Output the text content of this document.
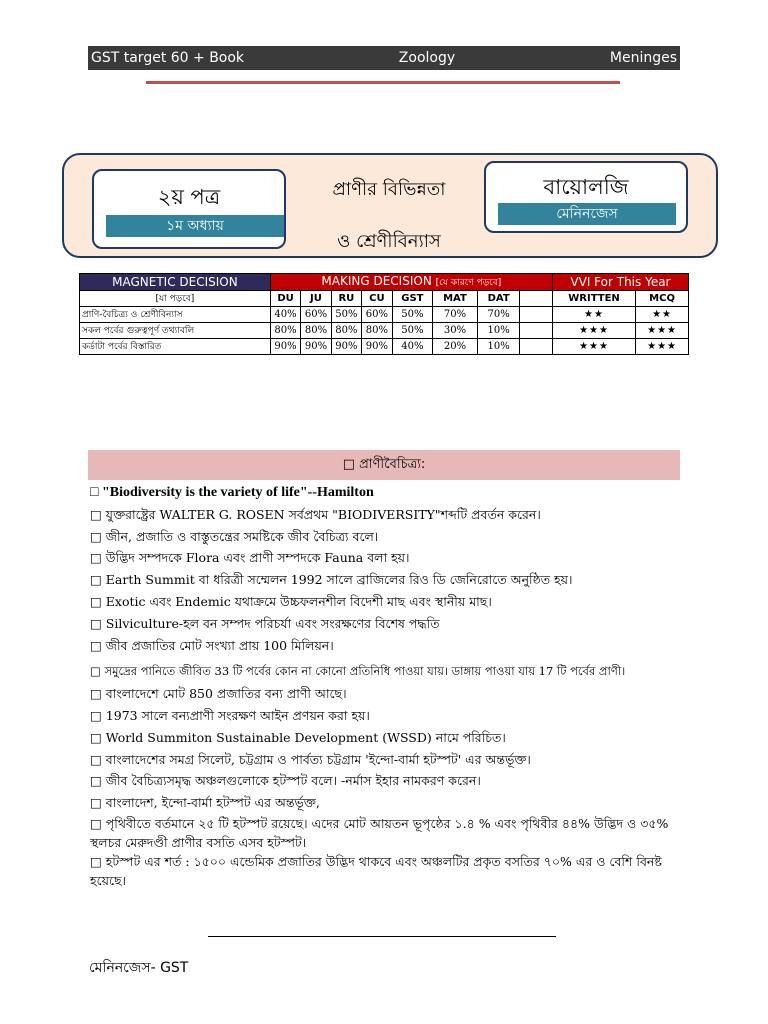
GST target 60 + Book	Zoology	Meninges
২য় পত্র
১ম অধ্যায়
প্রাণীর বিভিন্নতা
ও শ্রেণীবিন্যাস
বায়োলজি
মেনিনজেস
MAGNETIC DECISION	MAKING DECISION [যে কারণে পড়বে]								VVI For This Year	
[যা পড়বে]	DU	JU	RU	CU	GST	MAT	DAT		WRITTEN	MCQ
প্রাণি-বৈচিত্র্য ও শ্রেণীবিন্যাস	40%	60%	50%	60%	50%	70%	70%		★★	★★
সকল পর্বের গুরুত্বপূর্ণ তথ্যাবলি	80%	80%	80%	80%	50%	30%	10%		★★★	★★★
কর্ডাটা পর্বের বিস্তারিত	90%	90%	90%	90%	40%	20%	10%		★★★	★★★
□ প্রাণীবৈচিত্র্য:
□ "Biodiversity is the variety of life"--Hamilton
□ যুক্তরাষ্ট্রের WALTER G. ROSEN সর্বপ্রথম "BIODIVERSITY"শব্দটি প্রবর্তন করেন।
□ জীন, প্রজাতি ও বাস্তুতন্ত্রের সমষ্টিকে জীব বৈচিত্র্য বলে।
□ উদ্ভিদ সম্পদকে Flora এবং প্রাণী সম্পদকে Fauna বলা হয়।
□ Earth Summit বা ধরিত্রী সম্মেলন 1992 সালে ব্রাজিলের রিও ডি জেনিরোতে অনুষ্ঠিত হয়।
□ Exotic এবং Endemic যথাক্রমে উচ্চফলনশীল বিদেশী মাছ এবং স্থানীয় মাছ।
□ Silviculture-হল বন সম্পদ পরিচর্যা এবং সংরক্ষণের বিশেষ পদ্ধতি
□ জীব প্রজাতির মোট সংখ্যা প্রায় 100 মিলিয়ন।
□ সমুদ্রের পানিতে জীবিত 33 টি পর্বের কোন না কোনো প্রতিনিধি পাওয়া যায়। ডাঙ্গায় পাওয়া যায় 17 টি পর্বের প্রাণী।
□ বাংলাদেশে মোট 850 প্রজাতির বন্য প্রাণী আছে।
□ 1973 সালে বন্যপ্রাণী সংরক্ষণ আইন প্রণয়ন করা হয়।
□ World Summiton Sustainable Development (WSSD) নামে পরিচিত।
□ বাংলাদেশের সমগ্র সিলেট, চট্টগ্রাম ও পার্বত্য চট্টগ্রাম 'ইন্দো-বার্মা হটস্পট' এর অন্তর্ভূক্ত।
□ জীব বৈচিত্র্যসমৃদ্ধ অঞ্চলগুলোকে হটস্পট বলে। -নর্মাস ইহার নামকরণ করেন।
□ বাংলাদেশ, ইন্দো-বার্মা হটস্পট এর অন্তর্ভূক্ত,
□ পৃথিবীতে বর্তমানে ২৫ টি হটস্পট রয়েছে। এদের মোট আয়তন ভূপৃষ্ঠের ১.৪ % এবং পৃথিবীর ৪৪% উদ্ভিদ ও ৩৫% স্থলচর মেরুদণ্ডী প্রাণীর বসতি এসব হটস্পট।
□ হটস্পট এর শর্ত : ১৫০০ এন্ডেমিক প্রজাতির উদ্ভিদ থাকবে এবং অঞ্চলটির প্রকৃত বসতির ৭০% এর ও বেশি বিনষ্ট হয়েছে।
মেনিনজেস- GST
